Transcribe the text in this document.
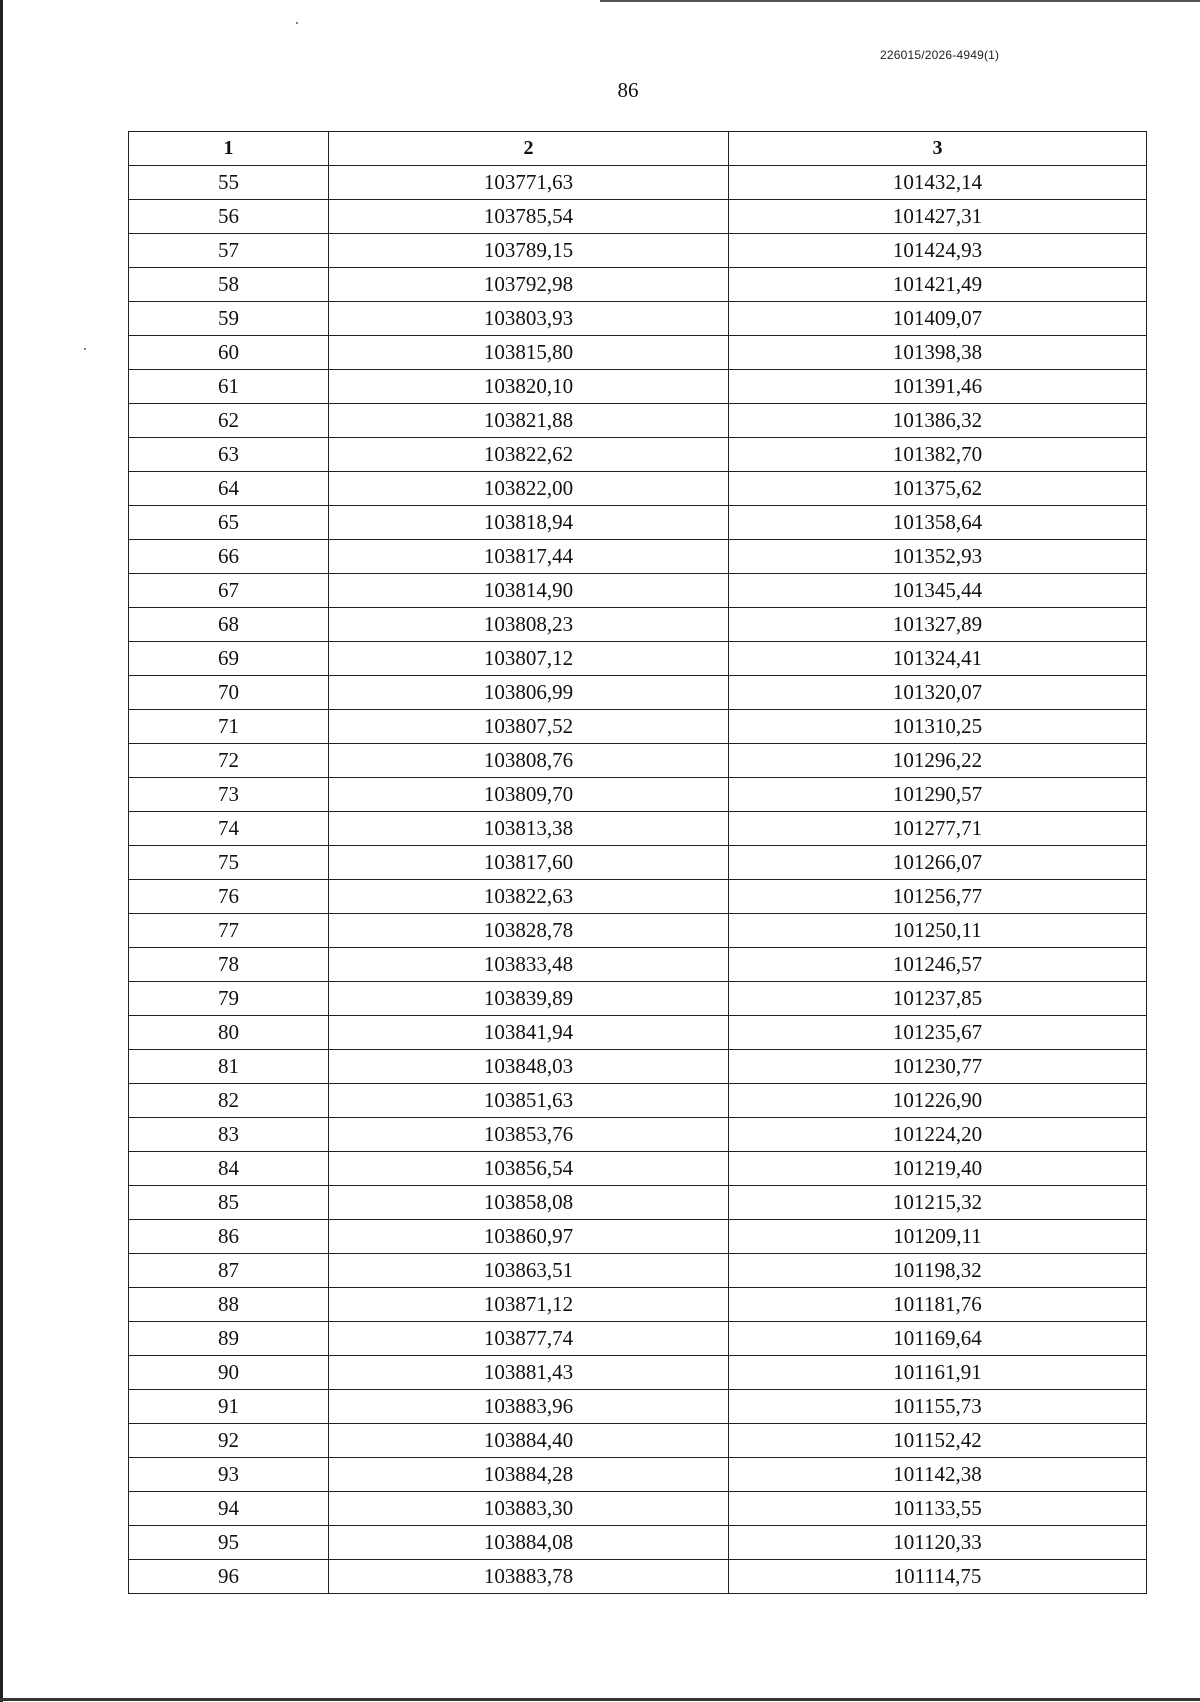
226015/2026-4949(1)
86
1	2	3
55	103771,63	101432,14
56	103785,54	101427,31
57	103789,15	101424,93
58	103792,98	101421,49
59	103803,93	101409,07
60	103815,80	101398,38
61	103820,10	101391,46
62	103821,88	101386,32
63	103822,62	101382,70
64	103822,00	101375,62
65	103818,94	101358,64
66	103817,44	101352,93
67	103814,90	101345,44
68	103808,23	101327,89
69	103807,12	101324,41
70	103806,99	101320,07
71	103807,52	101310,25
72	103808,76	101296,22
73	103809,70	101290,57
74	103813,38	101277,71
75	103817,60	101266,07
76	103822,63	101256,77
77	103828,78	101250,11
78	103833,48	101246,57
79	103839,89	101237,85
80	103841,94	101235,67
81	103848,03	101230,77
82	103851,63	101226,90
83	103853,76	101224,20
84	103856,54	101219,40
85	103858,08	101215,32
86	103860,97	101209,11
87	103863,51	101198,32
88	103871,12	101181,76
89	103877,74	101169,64
90	103881,43	101161,91
91	103883,96	101155,73
92	103884,40	101152,42
93	103884,28	101142,38
94	103883,30	101133,55
95	103884,08	101120,33
96	103883,78	101114,75
